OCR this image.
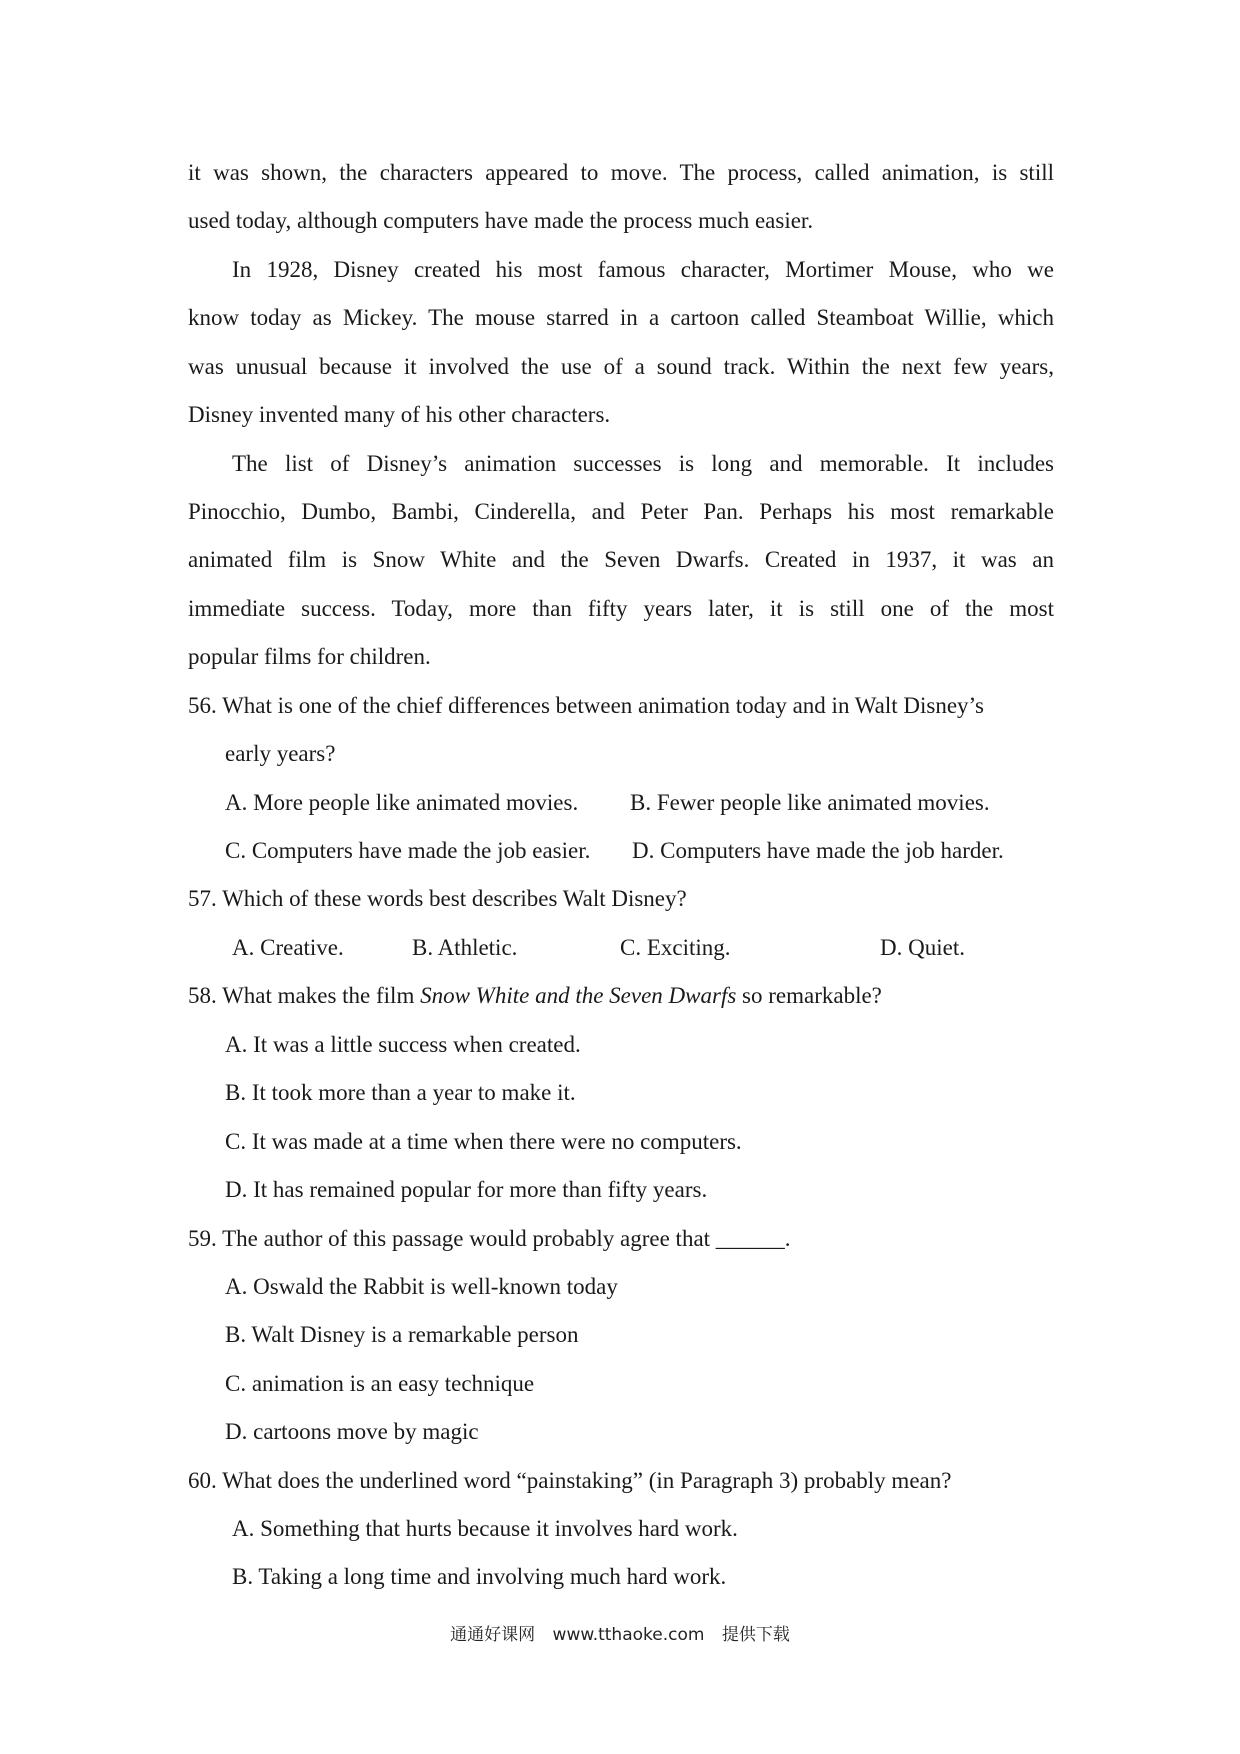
it was shown, the characters appeared to move. The process, called animation, is still
used today, although computers have made the process much easier.
In 1928, Disney created his most famous character, Mortimer Mouse, who we
know today as Mickey. The mouse starred in a cartoon called Steamboat Willie, which
was unusual because it involved the use of a sound track. Within the next few years,
Disney invented many of his other characters.
The list of Disney’s animation successes is long and memorable. It includes
Pinocchio, Dumbo, Bambi, Cinderella, and Peter Pan. Perhaps his most remarkable
animated film is Snow White and the Seven Dwarfs. Created in 1937, it was an
immediate success. Today, more than fifty years later, it is still one of the most
popular films for children.
56. What is one of the chief differences between animation today and in Walt Disney’s
early years?
A. More people like animated movies. B. Fewer people like animated movies.
C. Computers have made the job easier. D. Computers have made the job harder.
57. Which of these words best describes Walt Disney?
A. Creative.	B. Athletic.	C. Exciting.	D. Quiet.
58. What makes the film Snow White and the Seven Dwarfs so remarkable?
A. It was a little success when created.
B. It took more than a year to make it.
C. It was made at a time when there were no computers.
D. It has remained popular for more than fifty years.
59. The author of this passage would probably agree that ______.
A. Oswald the Rabbit is well-known today
B. Walt Disney is a remarkable person
C. animation is an easy technique
D. cartoons move by magic
60. What does the underlined word “painstaking” (in Paragraph 3) probably mean?
A. Something that hurts because it involves hard work.
B. Taking a long time and involving much hard work.
通通好课网 www.tthaoke.com 提供下载
